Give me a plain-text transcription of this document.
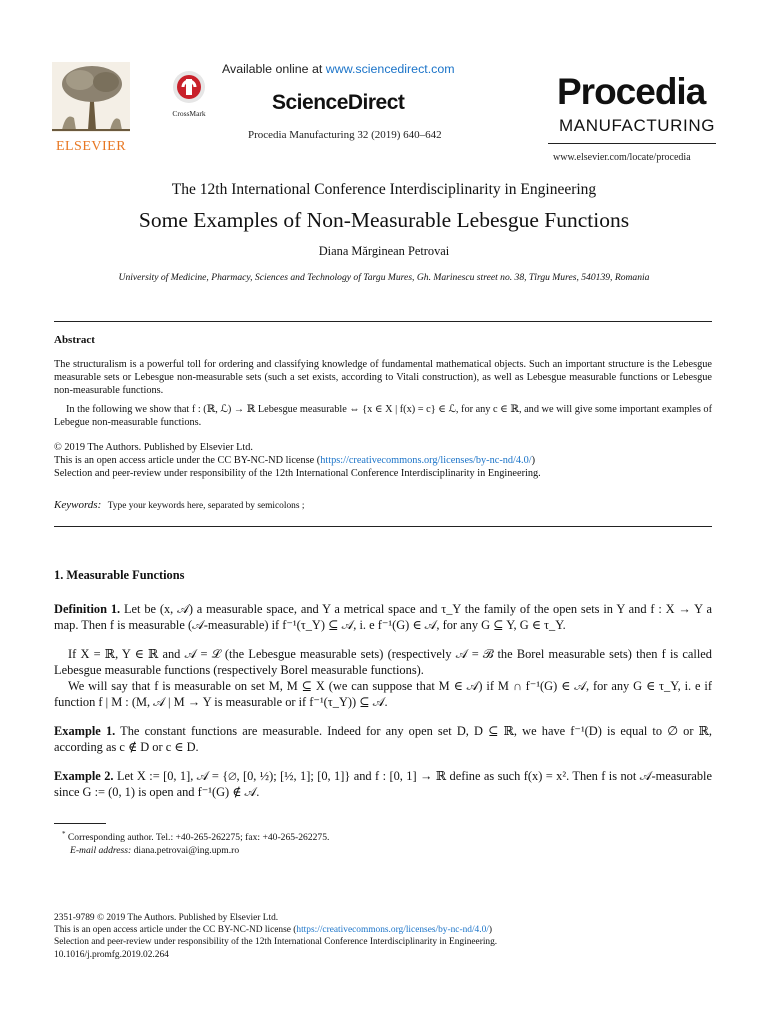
ELSEVIER
CrossMark
Available online at www.sciencedirect.com
ScienceDirect
Procedia Manufacturing 32 (2019) 640–642
Procedia
MANUFACTURING
www.elsevier.com/locate/procedia
The 12th International Conference Interdisciplinarity in Engineering
Some Examples of Non-Measurable Lebesgue Functions
Diana Mărginean Petrovai
University of Medicine, Pharmacy, Sciences and Technology of Targu Mures, Gh. Marinescu street no. 38, Tîrgu Mures, 540139, Romania
Abstract
The structuralism is a powerful toll for ordering and classifying knowledge of fundamental mathematical objects. Such an important structure is the Lebesgue measurable sets or Lebesgue non-measurable sets (such a set exists, according to Vitali construction), as well as Lebesgue measurable functions or Lebesgue non-measurable functions.
In the following we show that f : (ℝ, ℒ) → ℝ Lebesgue measurable ⇔ {x ∈ X | f(x) = c} ∈ ℒ, for any c ∈ ℝ, and we will give some important examples of Lebegue non-measurable functions.
© 2019 The Authors. Published by Elsevier Ltd.
This is an open access article under the CC BY-NC-ND license (https://creativecommons.org/licenses/by-nc-nd/4.0/)
Selection and peer-review under responsibility of the 12th International Conference Interdisciplinarity in Engineering.
Keywords: Type your keywords here, separated by semicolons ;
1. Measurable Functions
Definition 1. Let be (x, 𝒜) a measurable space, and Y a metrical space and τ_Y the family of the open sets in Y and f : X → Y a map. Then f is measurable (𝒜-measurable) if f⁻¹(τ_Y) ⊆ 𝒜, i. e f⁻¹(G) ∈ 𝒜, for any G ⊆ Y, G ∈ τ_Y.
If X = ℝ, Y ∈ ℝ and 𝒜 = ℒ (the Lebesgue measurable sets) (respectively 𝒜 = ℬ the Borel measurable sets) then f is called Lebesgue measurable functions (respectively Borel measurable functions).
We will say that f is measurable on set M, M ⊆ X (we can suppose that M ∈ 𝒜) if M ∩ f⁻¹(G) ∈ 𝒜, for any G ∈ τ_Y, i. e if function f | M : (M, 𝒜 | M → Y is measurable or if f⁻¹(τ_Y)) ⊆ 𝒜.
Example 1. The constant functions are measurable. Indeed for any open set D, D ⊆ ℝ, we have f⁻¹(D) is equal to ∅ or ℝ, according as c ∉ D or c ∈ D.
Example 2. Let X := [0, 1], 𝒜 = {∅, [0, ½); [½, 1]; [0, 1]} and f : [0, 1] → ℝ define as such f(x) = x². Then f is not 𝒜-measurable since G := (0, 1) is open and f⁻¹(G) ∉ 𝒜.
* Corresponding author. Tel.: +40-265-262275; fax: +40-265-262275.
E-mail address: diana.petrovai@ing.upm.ro
2351-9789 © 2019 The Authors. Published by Elsevier Ltd.
This is an open access article under the CC BY-NC-ND license (https://creativecommons.org/licenses/by-nc-nd/4.0/)
Selection and peer-review under responsibility of the 12th International Conference Interdisciplinarity in Engineering.
10.1016/j.promfg.2019.02.264
